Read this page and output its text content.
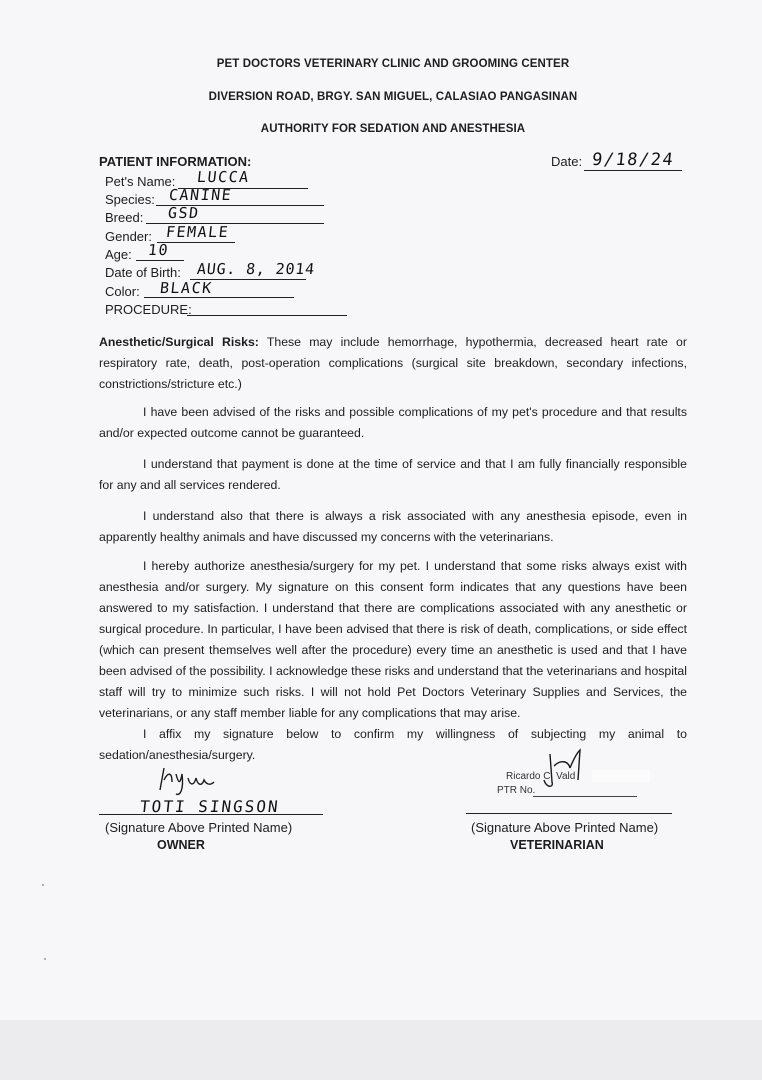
PET DOCTORS VETERINARY CLINIC AND GROOMING CENTER
DIVERSION ROAD, BRGY. SAN MIGUEL, CALASIAO PANGASINAN
AUTHORITY FOR SEDATION AND ANESTHESIA
PATIENT INFORMATION:	Date: 9/18/24
Pet's Name: LUCCA
Species: CANINE
Breed: GSD
Gender: FEMALE
Age: 10
Date of Birth: AUG. 8, 2014
Color: BLACK
PROCEDURE:
Anesthetic/Surgical Risks: These may include hemorrhage, hypothermia, decreased heart rate or respiratory rate, death, post-operation complications (surgical site breakdown, secondary infections, constrictions/stricture etc.)
I have been advised of the risks and possible complications of my pet's procedure and that results and/or expected outcome cannot be guaranteed.
I understand that payment is done at the time of service and that I am fully financially responsible for any and all services rendered.
I understand also that there is always a risk associated with any anesthesia episode, even in apparently healthy animals and have discussed my concerns with the veterinarians.
I hereby authorize anesthesia/surgery for my pet. I understand that some risks always exist with anesthesia and/or surgery. My signature on this consent form indicates that any questions have been answered to my satisfaction. I understand that there are complications associated with any anesthetic or surgical procedure. In particular, I have been advised that there is risk of death, complications, or side effect (which can present themselves well after the procedure) every time an anesthetic is used and that I have been advised of the possibility. I acknowledge these risks and understand that the veterinarians and hospital staff will try to minimize such risks. I will not hold Pet Doctors Veterinary Supplies and Services, the veterinarians, or any staff member liable for any complications that may arise.
I affix my signature below to confirm my willingness of subjecting my animal to sedation/anesthesia/surgery.
TOTI SINGSON
(Signature Above Printed Name)
OWNER
Ricardo C. Vald
PTR No.
(Signature Above Printed Name)
VETERINARIAN
